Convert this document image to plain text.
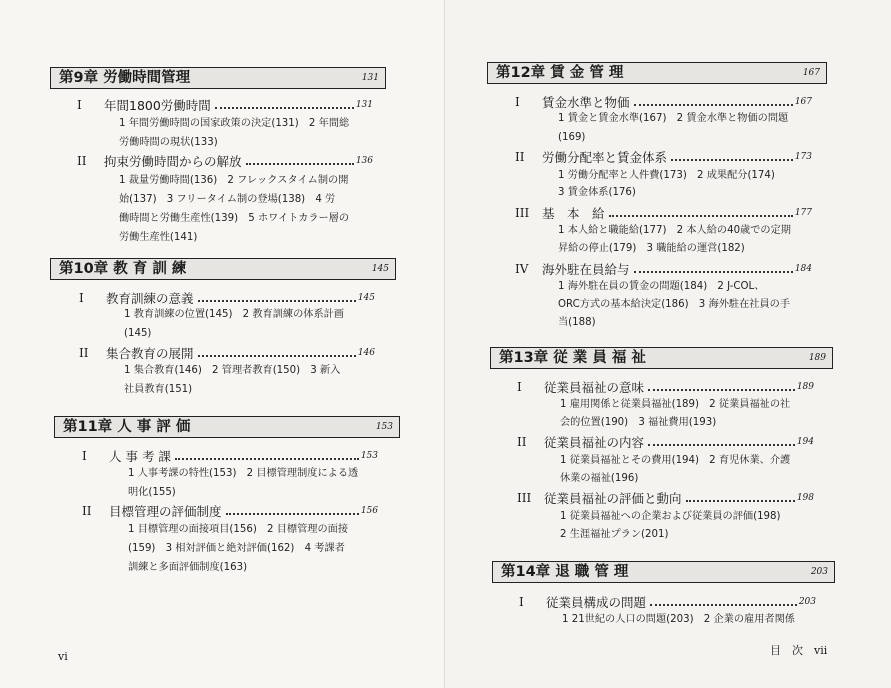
第9章 労働時間管理	131
I	年間1800労働時間	131
1 年間労働時間の国家政策の決定(131)　2 年間総
労働時間の現状(133)
II	拘束労働時間からの解放	136
1 裁量労働時間(136)　2 フレックスタイム制の開
始(137)　3 フリータイム制の登場(138)　4 労
働時間と労働生産性(139)　5 ホワイトカラー層の
労働生産性(141)
第10章 教 育 訓 練	145
I	教育訓練の意義	145
1 教育訓練の位置(145)　2 教育訓練の体系計画
(145)
II	集合教育の展開	146
1 集合教育(146)　2 管理者教育(150)　3 新入
社員教育(151)
第11章 人 事 評 価	153
I	人 事 考 課	153
1 人事考課の特性(153)　2 目標管理制度による透
明化(155)
II	目標管理の評価制度	156
1 目標管理の面接項目(156)　2 目標管理の面接
(159)　3 相対評価と絶対評価(162)　4 考課者
訓練と多面評価制度(163)
vi
第12章 賃 金 管 理	167
I	賃金水準と物価	167
1 賃金と賃金水準(167)　2 賃金水準と物価の問題
(169)
II	労働分配率と賃金体系	173
1 労働分配率と人件費(173)　2 成果配分(174)
3 賃金体系(176)
III	基　本　給	177
1 本人給と職能給(177)　2 本人給の40歳での定期
昇給の停止(179)　3 職能給の運営(182)
IV	海外駐在員給与	184
1 海外駐在員の賃金の問題(184)　2 J-COL、
ORC方式の基本給決定(186)　3 海外駐在社員の手
当(188)
第13章 従 業 員 福 祉	189
I	従業員福祉の意味	189
1 雇用関係と従業員福祉(189)　2 従業員福祉の社
会的位置(190)　3 福祉費用(193)
II	従業員福祉の内容	194
1 従業員福祉とその費用(194)　2 育児休業、介護
休業の福祉(196)
III	従業員福祉の評価と動向	198
1 従業員福祉への企業および従業員の評価(198)
2 生涯福祉プラン(201)
第14章 退 職 管 理	203
I	従業員構成の問題	203
1 21世紀の人口の問題(203)　2 企業の雇用者関係
目　次　vii
